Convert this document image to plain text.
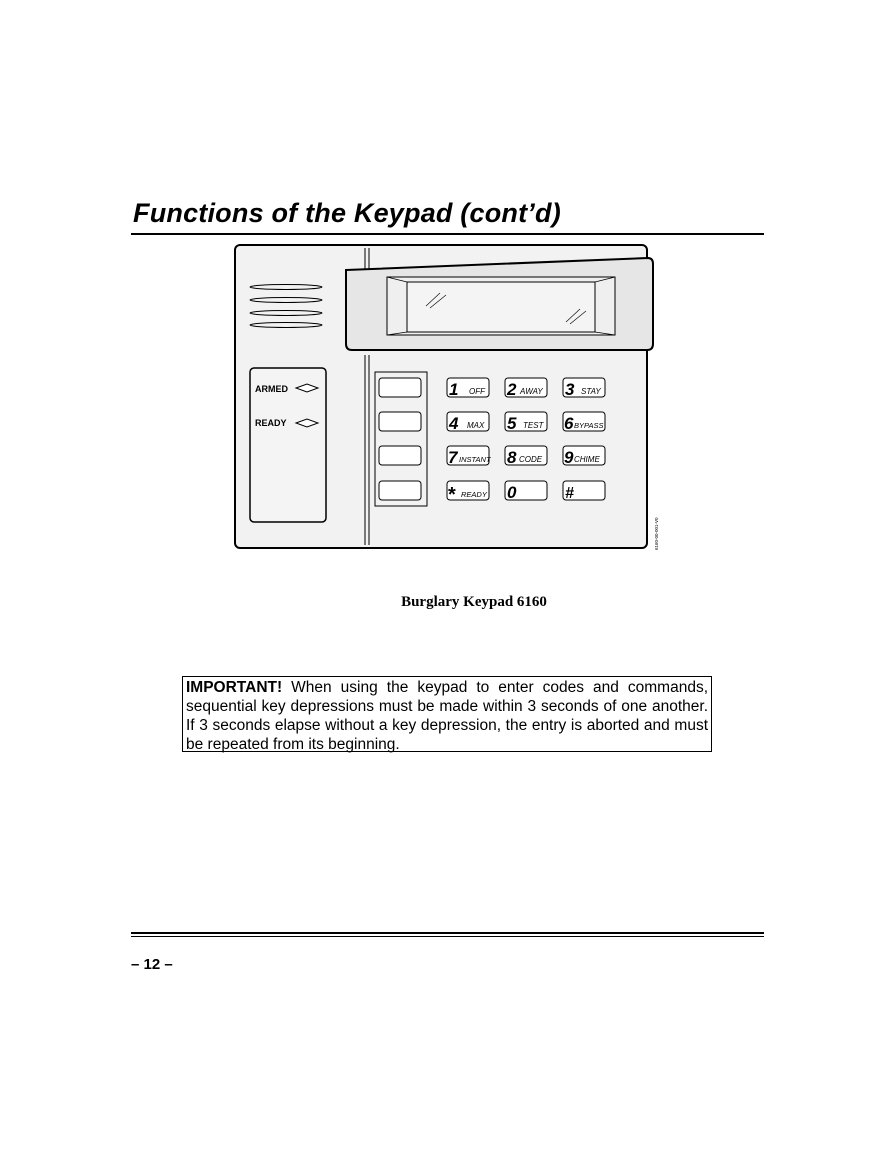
Functions of the Keypad (cont’d)
ARMED
READY
1 OFF 2 AWAY 3 STAY
4 MAX 5 TEST 6 BYPASS
7 INSTANT 8 CODE 9 CHIME
* READY 0	#
6160-00-001-V0
Burglary Keypad 6160
IMPORTANT! When using the keypad to enter codes and commands, sequential key depressions must be made within 3 seconds of one another. If 3 seconds elapse without a key depression, the entry is aborted and must be repeated from its beginning.
– 12 –
